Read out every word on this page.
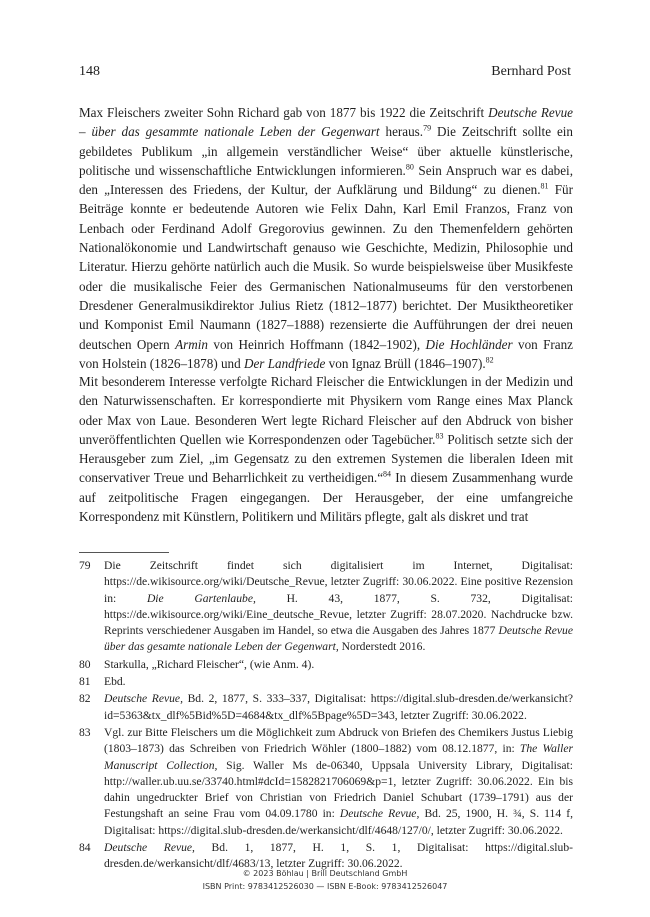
148	Bernhard Post

Max Fleischers zweiter Sohn Richard gab von 1877 bis 1922 die Zeitschrift Deutsche Revue – über das gesammte nationale Leben der Gegenwart heraus.$^{79}$ Die Zeitschrift sollte ein gebildetes Publikum „in allgemein verständlicher Weise“ über aktuelle künstlerische, politische und wissenschaftliche Entwicklungen informieren.$^{80}$ Sein Anspruch war es dabei, den „Interessen des Friedens, der Kultur, der Aufklärung und Bildung“ zu dienen.$^{81}$ Für Beiträge konnte er bedeutende Autoren wie Felix Dahn, Karl Emil Franzos, Franz von Lenbach oder Ferdinand Adolf Gregorovius gewinnen. Zu den Themenfeldern gehörten Nationalökonomie und Landwirtschaft genauso wie Geschichte, Medizin, Philosophie und Literatur. Hierzu gehörte natürlich auch die Musik. So wurde beispielsweise über Musikfeste oder die musikalische Feier des Germanischen Nationalmuseums für den verstorbenen Dresdener Generalmusikdirektor Julius Rietz (1812–1877) berichtet. Der Musiktheoretiker und Komponist Emil Naumann (1827–1888) rezensierte die Aufführungen der drei neuen deutschen Opern Armin von Heinrich Hoffmann (1842–1902), Die Hochländer von Franz von Holstein (1826–1878) und Der Landfriede von Ignaz Brüll (1846–1907).$^{82}$

Mit besonderem Interesse verfolgte Richard Fleischer die Entwicklungen in der Medizin und den Naturwissenschaften. Er korrespondierte mit Physikern vom Range eines Max Planck oder Max von Laue. Besonderen Wert legte Richard Fleischer auf den Abdruck von bisher unveröffentlichten Quellen wie Korrespondenzen oder Tagebücher.$^{83}$ Politisch setzte sich der Herausgeber zum Ziel, „im Gegensatz zu den extremen Systemen die liberalen Ideen mit conservativer Treue und Beharrlichkeit zu vertheidigen.“$^{84}$ In diesem Zusammenhang wurde auf zeitpolitische Fragen eingegangen. Der Herausgeber, der eine umfangreiche Korrespondenz mit Künstlern, Politikern und Militärs pflegte, galt als diskret und trat

79	Die Zeitschrift findet sich digitalisiert im Internet, Digitalisat: https://de.wikisource.org/wiki/Deutsche_Revue, letzter Zugriff: 30.06.2022. Eine positive Rezension in: Die Gartenlaube, H. 43, 1877, S. 732, Digitalisat: https://de.wikisource.org/wiki/Eine_deutsche_Revue, letzter Zugriff: 28.07.2020. Nachdrucke bzw. Reprints verschiedener Ausgaben im Handel, so etwa die Ausgaben des Jahres 1877 Deutsche Revue über das gesamte nationale Leben der Gegenwart, Norderstedt 2016.
80	Starkulla, „Richard Fleischer“, (wie Anm. 4).
81	Ebd.
82	Deutsche Revue, Bd. 2, 1877, S. 333–337, Digitalisat: https://digital.slub-dresden.de/werkansicht?id=5363&tx_dlf%5Bid%5D=4684&tx_dlf%5Bpage%5D=343, letzter Zugriff: 30.06.2022.
83	Vgl. zur Bitte Fleischers um die Möglichkeit zum Abdruck von Briefen des Chemikers Justus Liebig (1803–1873) das Schreiben von Friedrich Wöhler (1800–1882) vom 08.12.1877, in: The Waller Manuscript Collection, Sig. Waller Ms de-06340, Uppsala University Library, Digitalisat: http://waller.ub.uu.se/33740.html#dcId=1582821706069&p=1, letzter Zugriff: 30.06.2022. Ein bis dahin ungedruckter Brief von Christian von Friedrich Daniel Schubart (1739–1791) aus der Festungshaft an seine Frau vom 04.09.1780 in: Deutsche Revue, Bd. 25, 1900, H. ¾, S. 114 f, Digitalisat: https://digital.slub-dresden.de/werkansicht/dlf/4648/127/0/, letzter Zugriff: 30.06.2022.
84	Deutsche Revue, Bd. 1, 1877, H. 1, S. 1, Digitalisat: https://digital.slub-dresden.de/werkansicht/dlf/4683/13, letzter Zugriff: 30.06.2022.
© 2023 Böhlau | Brill Deutschland GmbH
ISBN Print: 9783412526030 — ISBN E-Book: 9783412526047
